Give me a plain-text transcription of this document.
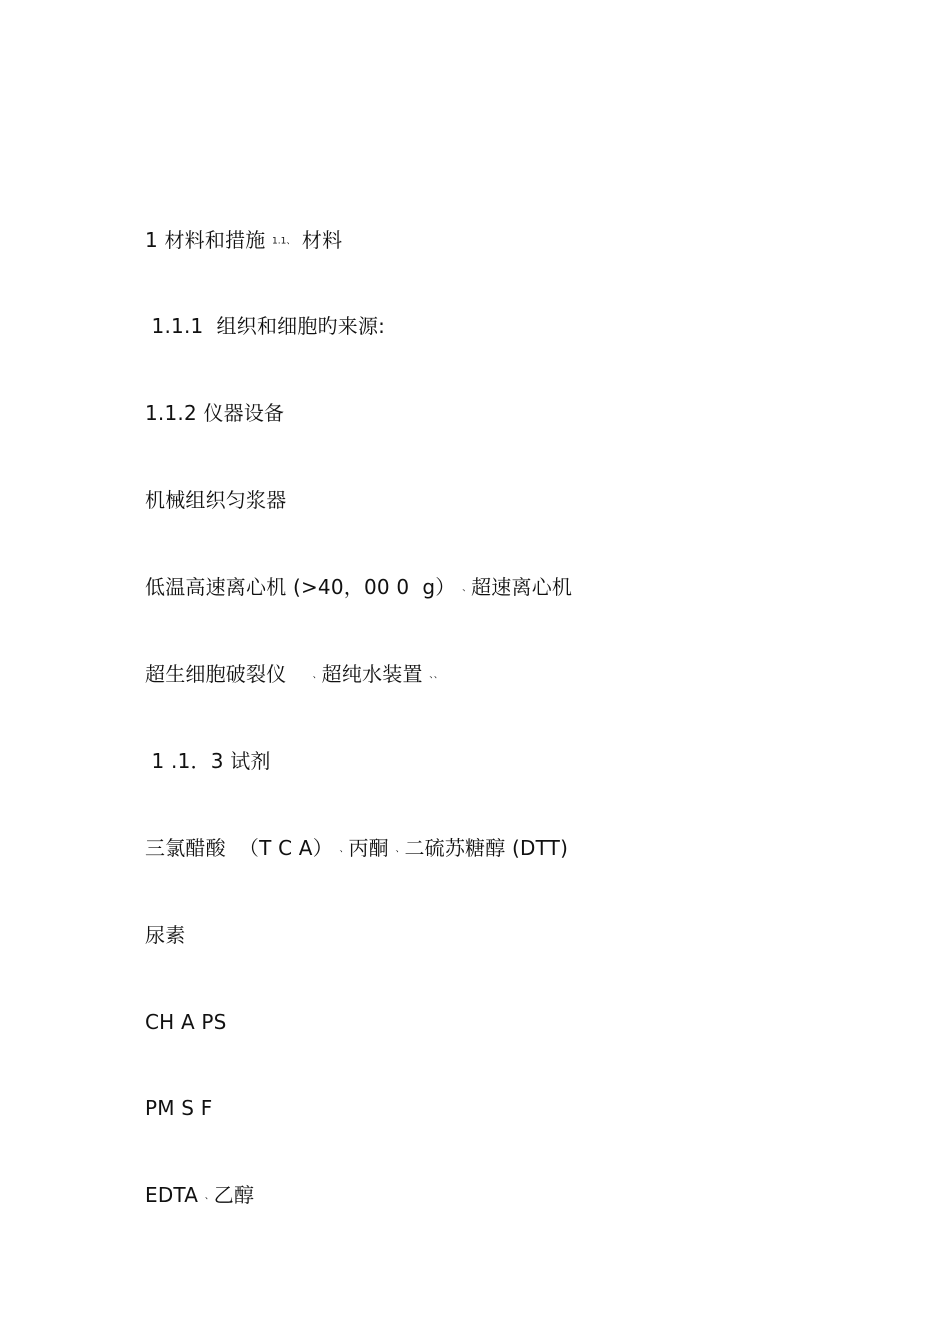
1 材料和措施 1.1、 材料
1.1.1  组织和细胞旳来源:
1.1.2 仪器设备
机械组织匀浆器
低温高速离心机 (>40，00 0  g） 、超速离心机
超生细胞破裂仪    、超纯水装置 、、
1 .1．3 试剂
三氯醋酸  （T C A） 、丙酮 、二硫苏糖醇 (DTT)
尿素
CH A PS
PM S F
EDTA 、乙醇
